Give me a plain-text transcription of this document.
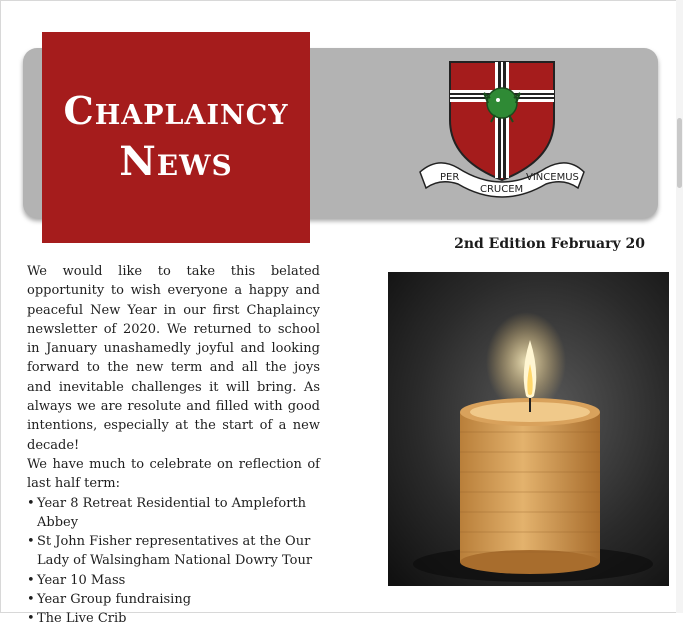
Chaplaincy
News	PER
CRUCEM
VINCEMUS
2nd Edition February 20

We would like to take this belated opportunity to wish everyone a happy and peaceful New Year in our first Chaplaincy newsletter of 2020. We returned to school in January unashamedly joyful and looking forward to the new term and all the joys and inevitable challenges it will bring. As always we are resolute and filled with good intentions, especially at the start of a new decade!

We have much to celebrate on reflection of last half term:

• Year 8 Retreat Residential to Ampleforth Abbey
• St John Fisher representatives at the Our Lady of Walsingham National Dowry Tour
• Year 10 Mass
• Year Group fundraising
• The Live Crib
